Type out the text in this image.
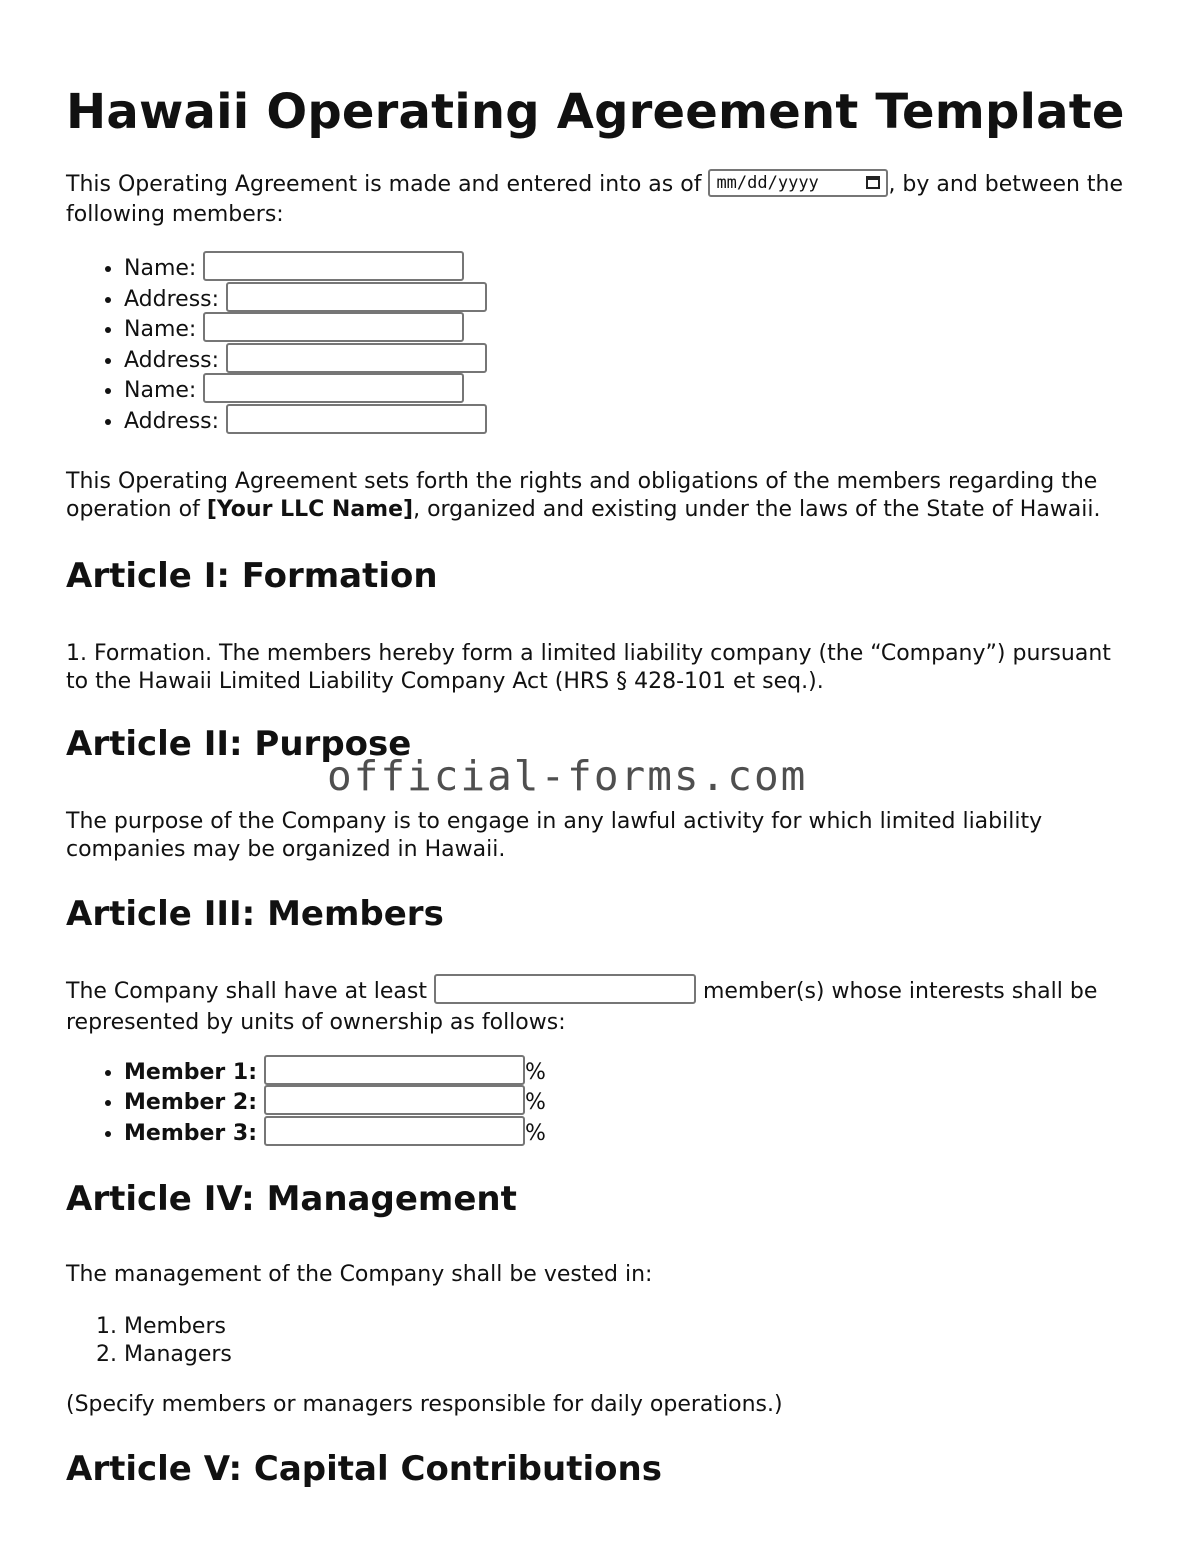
Hawaii Operating Agreement Template

This Operating Agreement is made and entered into as of mm/dd/yyyy	, by and between the following members:

• Name:
• Address:
• Name:
• Address:
• Name:
• Address:

This Operating Agreement sets forth the rights and obligations of the members regarding the operation of [Your LLC Name], organized and existing under the laws of the State of Hawaii.

Article I: Formation

1. Formation. The members hereby form a limited liability company (the “Company”) pursuant to the Hawaii Limited Liability Company Act (HRS § 428-101 et seq.).

Article II: Purpose

The purpose of the Company is to engage in any lawful activity for which limited liability companies may be organized in Hawaii.

Article III: Members

The Company shall have at least	member(s) whose interests shall be represented by units of ownership as follows:

• Member 1:	%
• Member 2:	%
• Member 3:	%
Article IV: Management

The management of the Company shall be vested in:

1. Members
2. Managers

(Specify members or managers responsible for daily operations.)

Article V: Capital Contributions
official-forms.com
